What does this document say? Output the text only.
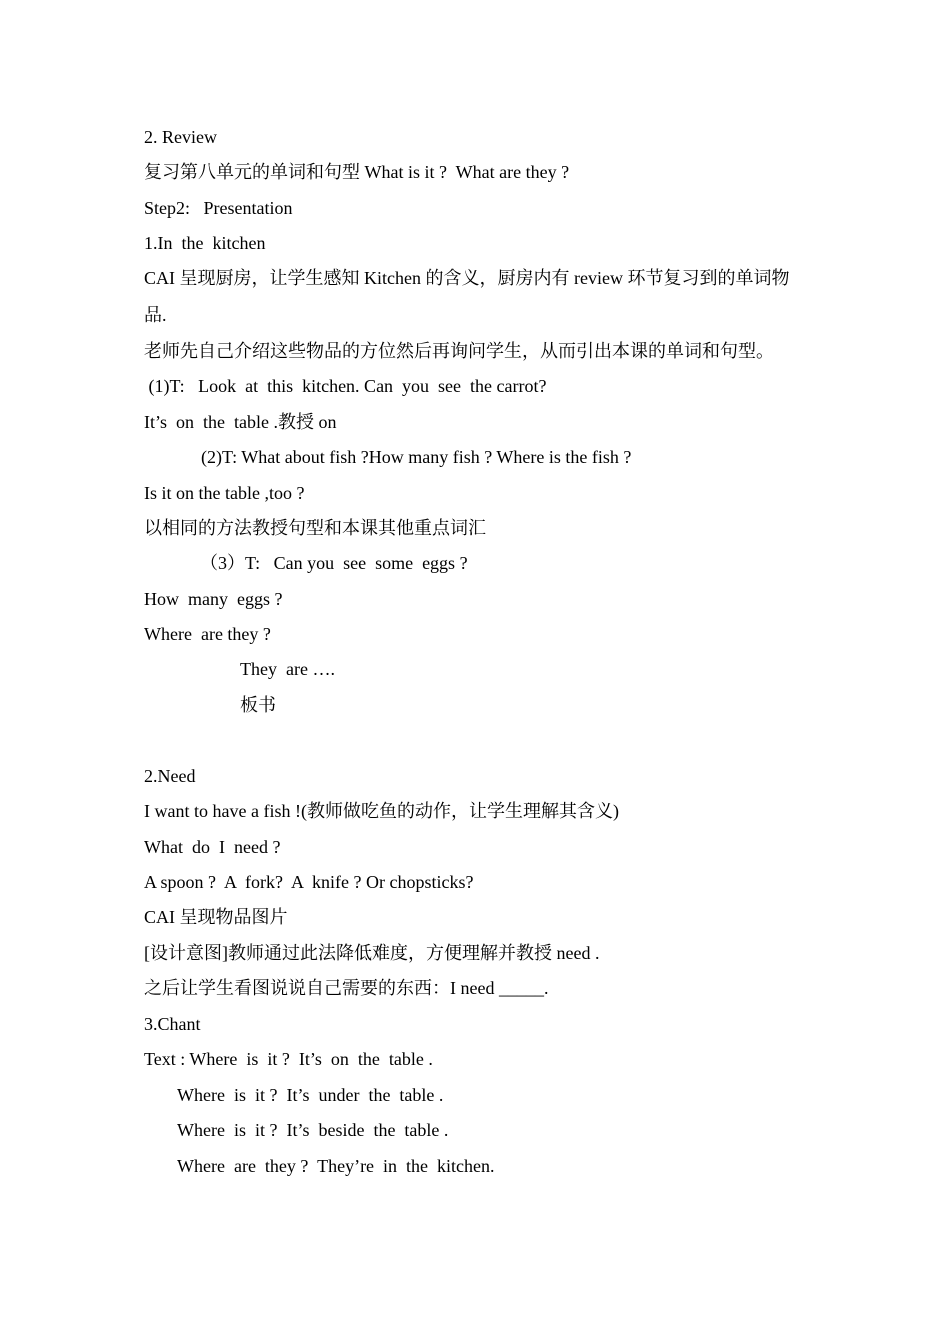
2. Review
复习第八单元的单词和句型 What is it ?  What are they ?
Step2:   Presentation
1.In  the  kitchen
CAI 呈现厨房，让学生感知 Kitchen 的含义，厨房内有 review 环节复习到的单词物品.
老师先自己介绍这些物品的方位然后再询问学生，从而引出本课的单词和句型。
(1)T:   Look  at  this  kitchen. Can  you  see  the carrot?
It’s  on  the  table .教授 on
(2)T: What about fish ?How many fish ? Where is the fish ?
Is it on the table ,too ?
以相同的方法教授句型和本课其他重点词汇
（3）T:   Can you  see  some  eggs ?
How  many  eggs ?
Where  are they ?
They  are ….
板书
2.Need
I want to have a fish !(教师做吃鱼的动作，让学生理解其含义)
What  do  I  need ?
A spoon ?  A  fork?  A  knife ? Or chopsticks?
CAI 呈现物品图片
[设计意图]教师通过此法降低难度，方便理解并教授 need .
之后让学生看图说说自己需要的东西：I need _____.
3.Chant
Text : Where  is  it ?  It’s  on  the  table .
Where  is  it ?  It’s  under  the  table .
Where  is  it ?  It’s  beside  the  table .
Where  are  they ?  They’re  in  the  kitchen.
